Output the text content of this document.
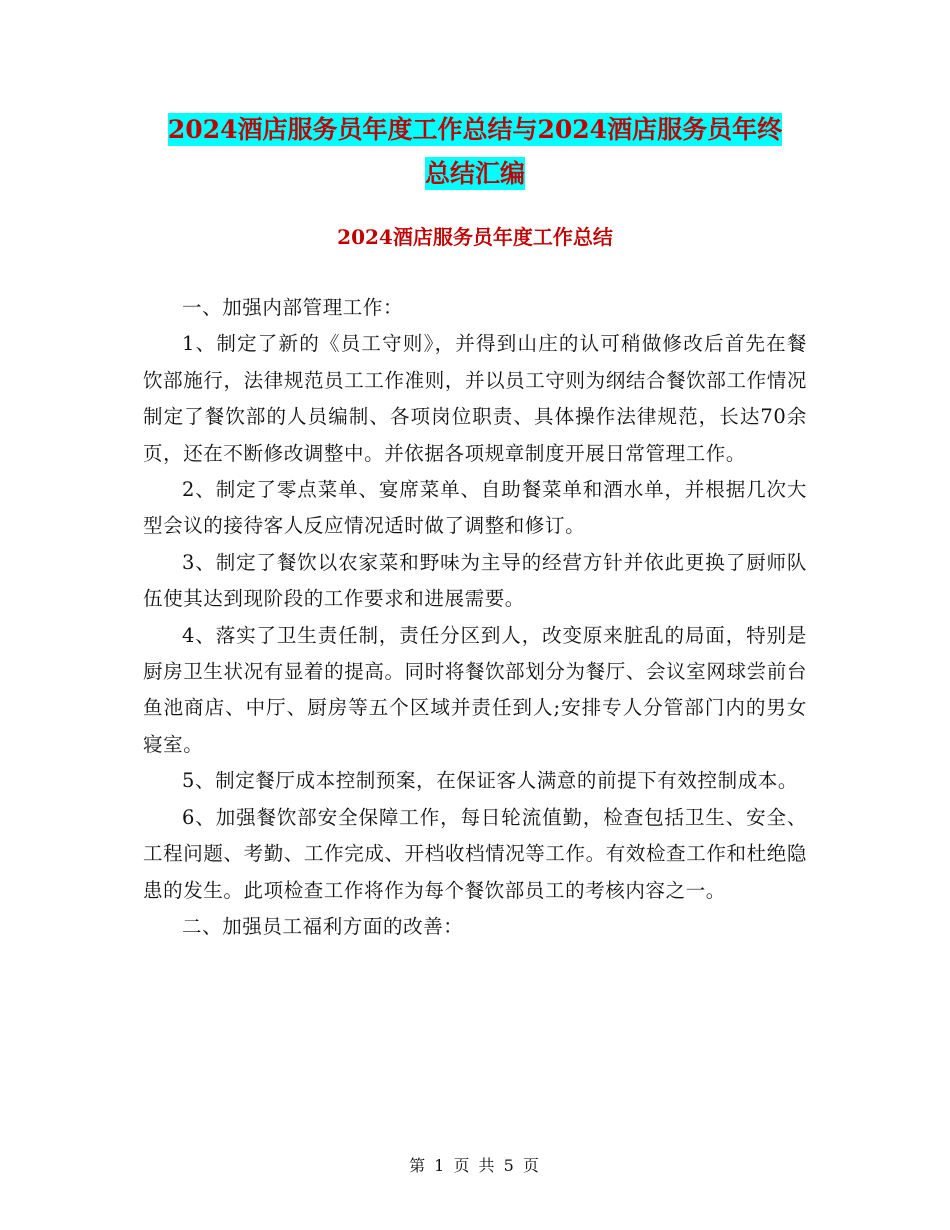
2024酒店服务员年度工作总结与2024酒店服务员年终
总结汇编
2024酒店服务员年度工作总结

一、加强内部管理工作：

1、制定了新的《员工守则》，并得到山庄的认可稍做修改后首先在餐饮部施行，法律规范员工工作准则，并以员工守则为纲结合餐饮部工作情况制定了餐饮部的人员编制、各项岗位职责、具体操作法律规范，长达70余页，还在不断修改调整中。并依据各项规章制度开展日常管理工作。

2、制定了零点菜单、宴席菜单、自助餐菜单和酒水单，并根据几次大型会议的接待客人反应情况适时做了调整和修订。

3、制定了餐饮以农家菜和野味为主导的经营方针并依此更换了厨师队伍使其达到现阶段的工作要求和进展需要。

4、落实了卫生责任制，责任分区到人，改变原来脏乱的局面，特别是厨房卫生状况有显着的提高。同时将餐饮部划分为餐厅、会议室网球尝前台鱼池商店、中厅、厨房等五个区域并责任到人;安排专人分管部门内的男女寝室。

5、制定餐厅成本控制预案，在保证客人满意的前提下有效控制成本。

6、加强餐饮部安全保障工作，每日轮流值勤，检查包括卫生、安全、工程问题、考勤、工作完成、开档收档情况等工作。有效检查工作和杜绝隐患的发生。此项检查工作将作为每个餐饮部员工的考核内容之一。

二、加强员工福利方面的改善：

第 1 页 共 5 页
